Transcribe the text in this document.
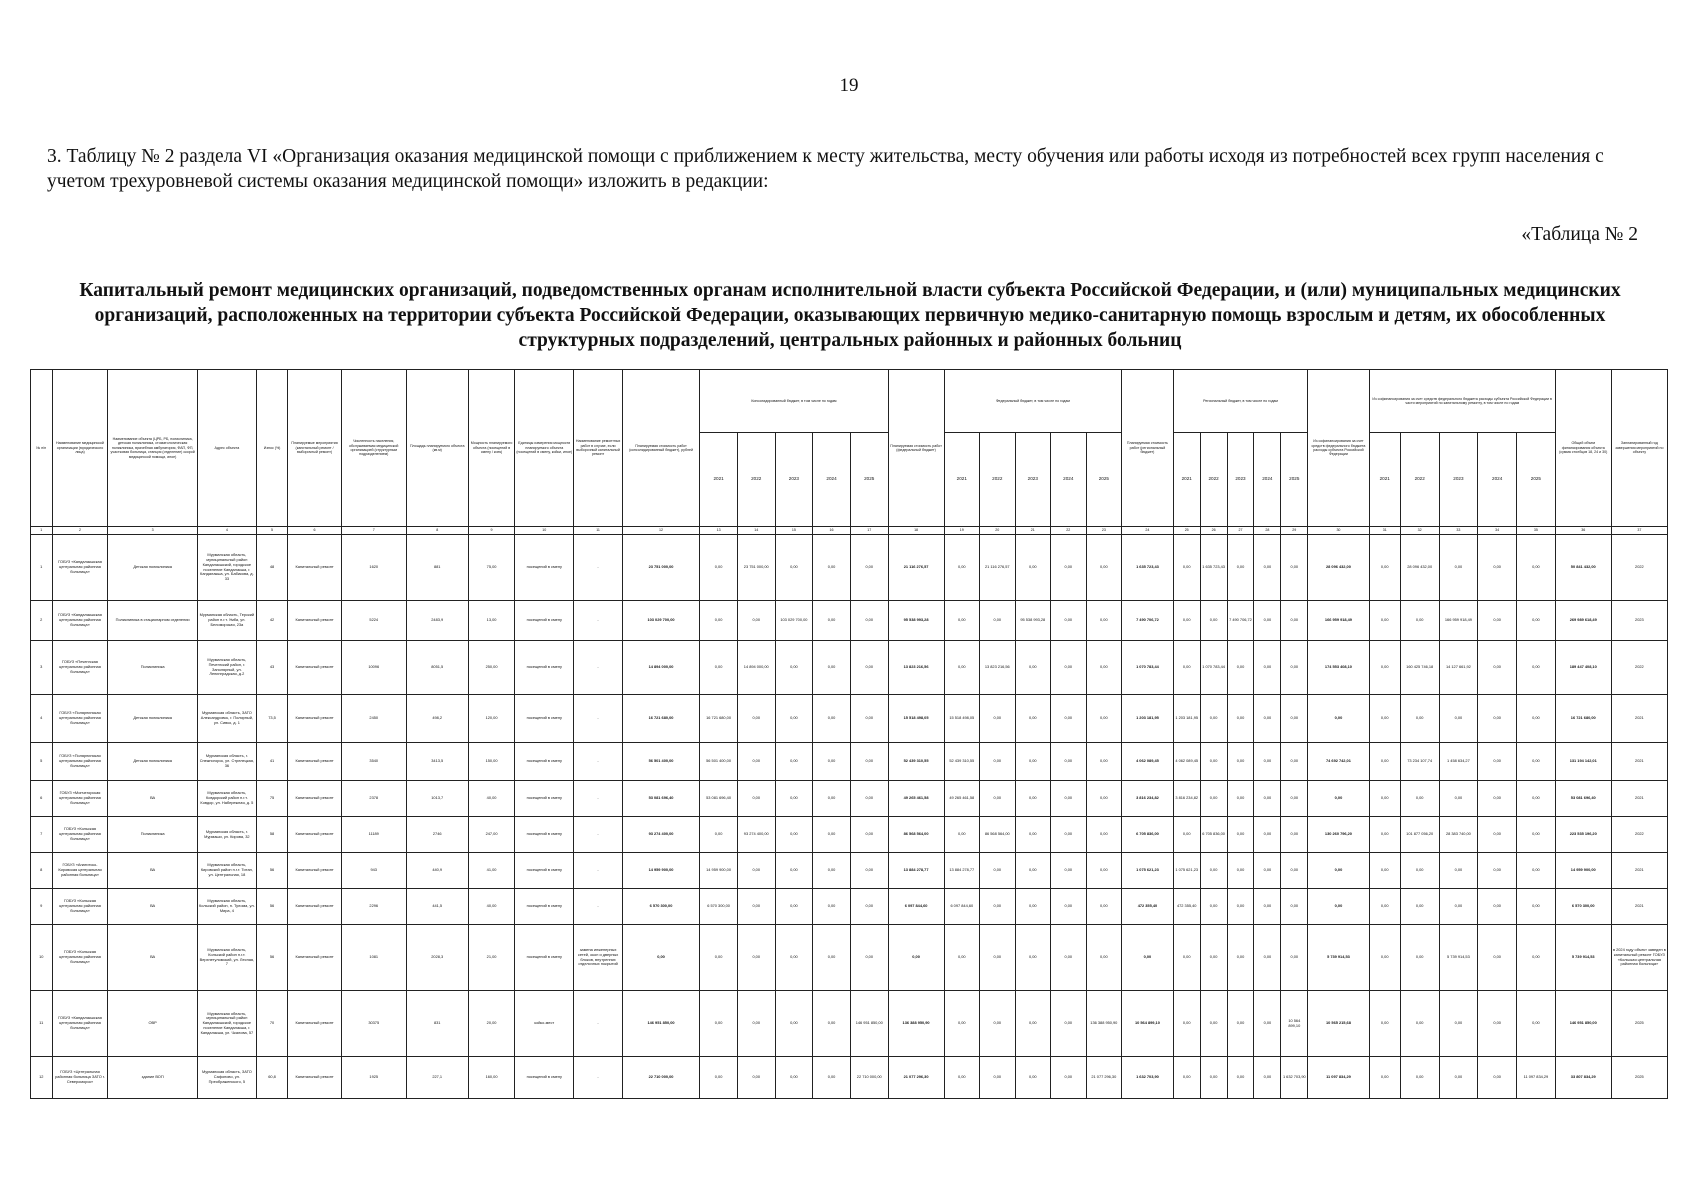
19
3. Таблицу № 2 раздела VI «Организация оказания медицинской помощи с приближением к месту жительства, месту обучения или работы исходя из потребностей всех групп населения с учетом трехуровневой системы оказания медицинской помощи» изложить в редакции:
«Таблица № 2
Капитальный ремонт медицинских организаций, подведомственных органам исполнительной власти субъекта Российской Федерации, и (или) муниципальных медицинских организаций, расположенных на территории субъекта Российской Федерации, оказывающих первичную медико-санитарную помощь взрослым и детям, их обособленных структурных подразделений, центральных районных и районных больниц
№ п/п	Наименование медицинской организации (юридического лица)	Наименование объекта (ЦРБ, РБ, поликлиника, детская поликлиника, стоматологическая поликлиника, врачебная амбулатория, ФАП, ФП, участковая больница, станция (отделение) скорой медицинской помощи, иное)	Адрес объекта	Износ (%)	Планируемые мероприятия (капитальный ремонт / выборочный ремонт)	Численность населения, обслуживаемая медицинской организацией (структурным подразделением)	Площадь планируемого объекта (кв.м)	Мощность планируемого объекта (посещений в смену / коек)	Единицы измерения мощности планируемого объекта (посещений в смену, койки, иное)	Наименование ремонтных работ в случае, если выборочный капитальный ремонт	Планируемая стоимость работ (консолидированный бюджет), рублей	Консолидированный бюджет, в том числе по годам					Планируемая стоимость работ (федеральный бюджет)	Федеральный бюджет, в том числе по годам					Планируемая стоимость работ (региональный бюджет)	Региональный бюджет, в том числе по годам					Из софинансирования за счет средств федерального бюджета расходы субъекта Российской Федерации	Из софинансирования за счет средств федерального бюджета расходы субъекта Российской Федерации в части мероприятий по капитальному ремонту, в том числе по годам					Общий объем финансирования объекта (сумма столбцов 18, 24 и 30)	Запланированный год завершения мероприятий по объекту
												2021	2022	2023	2024	2025		2021	2022	2023	2024	2025		2021	2022	2023	2024	2025		2021	2022	2023	2024	2025		
1	2	3	4	5	6	7	8	9	10	11	12	13	14	15	16	17	18	19	20	21	22	23	24	25	26	27	28	29	30	31	32	33	34	35	36	37
1	ГОБУЗ «Кандалакшская центральная районная больница»	Детская поликлиника	Мурманская область, муниципальный район Кандалакшский, городское поселение Кандалакша, г. Кандалакша, ул. Бабикова, д. 33	48	Капитальный ремонт	1620	881	75,00	посещений в смену	-	23 751 000,00	0,00	23 751 000,00	0,00	0,00	0,00	21 116 276,57	0,00	21 116 276,57	0,00	0,00	0,00	1 635 723,43	0,00	1 635 723,43	0,00	0,00	0,00	28 096 432,00	0,00	28 096 432,00	0,00	0,00	0,00	50 841 432,00	2022
2	ГОБУЗ «Кандалакшская центральная районная больница»	Поликлиника в стационарном отделении	Мурманская область, Терский район п.г.т. Умба, ул. Беломорская, 23а	42	Капитальный ремонт	5224	2483,9	13,00	посещений в смену	-	103 029 700,00	0,00	0,00	103 029 700,00	0,00	0,00	95 538 993,28	0,00	0,00	95 538 993,28	0,00	0,00	7 490 706,72	0,00	0,00	7 490 706,72	0,00	0,00	166 959 918,49	0,00	0,00	166 959 918,49	0,00	0,00	269 989 618,49	2023
3	ГОБУЗ «Печенгская центральная районная больница»	Поликлиника	Мурманская область, Печенгский район, г. Заполярный, ул. Ленинградская, д.2	43	Капитальный ремонт	10096	8051,5	250,00	посещений в смену	-	14 894 000,00	0,00	14 894 000,00	0,00	0,00	0,00	13 823 216,56	0,00	13 823 216,56	0,00	0,00	0,00	1 070 783,44	0,00	1 070 783,44	0,00	0,00	0,00	174 553 408,10	0,00	160 425 746,18	14 127 661,92	0,00	0,00	189 447 408,10	2022
4	ГОБУЗ «Полярнинская центральная районная больница»	Детская поликлиника	Мурманская область, ЗАТО Александровск, г. Полярный, ул. Сивко, д. 1	73,5	Капитальный ремонт	2450	498,2	120,00	посещений в смену	-	16 721 680,00	16 721 680,00	0,00	0,00	0,00	0,00	15 518 498,05	15 518 498,05	0,00	0,00	0,00	0,00	1 203 181,95	1 203 181,95	0,00	0,00	0,00	0,00	0,00	0,00	0,00	0,00	0,00	0,00	16 721 680,00	2021
5	ГОБУЗ «Полярнинская центральная районная больница»	Детская поликлиника	Мурманская область, г. Снежногорск, ул. Стрелецкая, 36	41	Капитальный ремонт	3540	3413,5	150,00	посещений в смену	-	56 501 400,00	56 501 400,00	0,00	0,00	0,00	0,00	52 439 310,55	52 439 310,55	0,00	0,00	0,00	0,00	4 062 089,45	4 062 089,45	0,00	0,00	0,00	0,00	74 692 742,01	0,00	73 234 107,74	1 458 634,27	0,00	0,00	131 194 142,01	2021
6	ГОБУЗ «Мончегорская центральная районная больница»	ВА	Мурманская область, Ковдорский район п.г.т. Ковдор, ул. Набережная, д. 5	75	Капитальный ремонт	2378	1013,7	40,00	посещений в смену	-	53 081 696,40	53 081 696,40	0,00	0,00	0,00	0,00	49 265 461,58	49 265 461,58	0,00	0,00	0,00	0,00	3 816 234,82	3 816 234,82	0,00	0,00	0,00	0,00	0,00	0,00	0,00	0,00	0,00	0,00	53 081 696,40	2021
7	ГОБУЗ «Кольская центральная районная больница»	Поликлиника	Мурманская область, г. Мурмаши, ул. Кирова, 32	58	Капитальный ремонт	11189	2746	247,00	посещений в смену	-	93 274 400,00	0,00	93 274 400,00	0,00	0,00	0,00	86 568 564,00	0,00	86 568 564,00	0,00	0,00	0,00	6 705 836,00	0,00	6 705 836,00	0,00	0,00	0,00	130 260 796,20	0,00	101 877 056,20	28 383 740,00	0,00	0,00	223 535 196,20	2022
8	ГОБУЗ «Апатитско-Кировская центральная районная больница»	ВА	Мурманская область, Кировский район п.г.т. Титан, ул. Центральная, 18	56	Капитальный ремонт	943	440,9	41,00	посещений в смену	-	14 959 900,00	14 959 900,00	0,00	0,00	0,00	0,00	13 884 278,77	13 884 278,77	0,00	0,00	0,00	0,00	1 075 621,23	1 075 621,23	0,00	0,00	0,00	0,00	0,00	0,00	0,00	0,00	0,00	0,00	14 959 900,00	2021
9	ГОБУЗ «Кольская центральная районная больница»	ВА	Мурманская область, Кольский район, п. Тулома, ул. Мира, 4	56	Капитальный ремонт	2296	441,5	40,00	посещений в смену	-	6 570 300,00	6 570 300,00	0,00	0,00	0,00	0,00	6 097 844,60	6 097 844,60	0,00	0,00	0,00	0,00	472 355,40	472 355,40	0,00	0,00	0,00	0,00	0,00	0,00	0,00	0,00	0,00	0,00	6 570 300,00	2021
10	ГОБУЗ «Кольская центральная районная больница»	ВА	Мурманская область, Кольский район п.г.т. Верхнетуломский, ул. Лесная, 7	56	Капитальный ремонт	1081	2028,3	21,00	посещений в смену	замена инженерных сетей, окон и дверных блоков, внутренних отделочных покрытий	0,00	0,00	0,00	0,00	0,00	0,00	0,00	0,00	0,00	0,00	0,00	0,00	0,00	0,00	0,00	0,00	0,00	0,00	5 739 914,53	0,00	0,00	5 739 914,53	0,00	0,00	5 739 914,53	в 2024 году объект заведен в капитальный ремонт ГОБУЗ «Кольская центральная районная больница»
11	ГОБУЗ «Кандалакшская центральная районная больница»	ОВР	Мурманская область, муниципальный район Кандалакшский, городское поселение Кандалакша, г. Кандалакша, ул. Чкалова, 57	70	Капитальный ремонт	30375	831	20,00	койко-мест	-	146 951 850,00	0,00	0,00	0,00	0,00	146 951 850,00	136 388 950,90	0,00	0,00	0,00	0,00	136 388 950,90	10 564 899,10	0,00	0,00	0,00	0,00	10 564 899,10	10 565 215,68	0,00	0,00	0,00	0,00	0,00	146 951 850,00	2025
12	ГОБУЗ «Центральная районная больница ЗАТО г. Североморск»	здание ВОП	Мурманская область, ЗАТО Сафоново, ул. Преображенского, 5	60,8	Капитальный ремонт	1925	227,1	160,00	посещений в смену	-	22 710 000,00	0,00	0,00	0,00	0,00	22 710 000,00	21 077 296,30	0,00	0,00	0,00	0,00	21 077 296,30	1 632 703,90	0,00	0,00	0,00	0,00	1 632 703,90	11 097 834,29	0,00	0,00	0,00	0,00	11 097 834,29	33 807 834,29	2025
